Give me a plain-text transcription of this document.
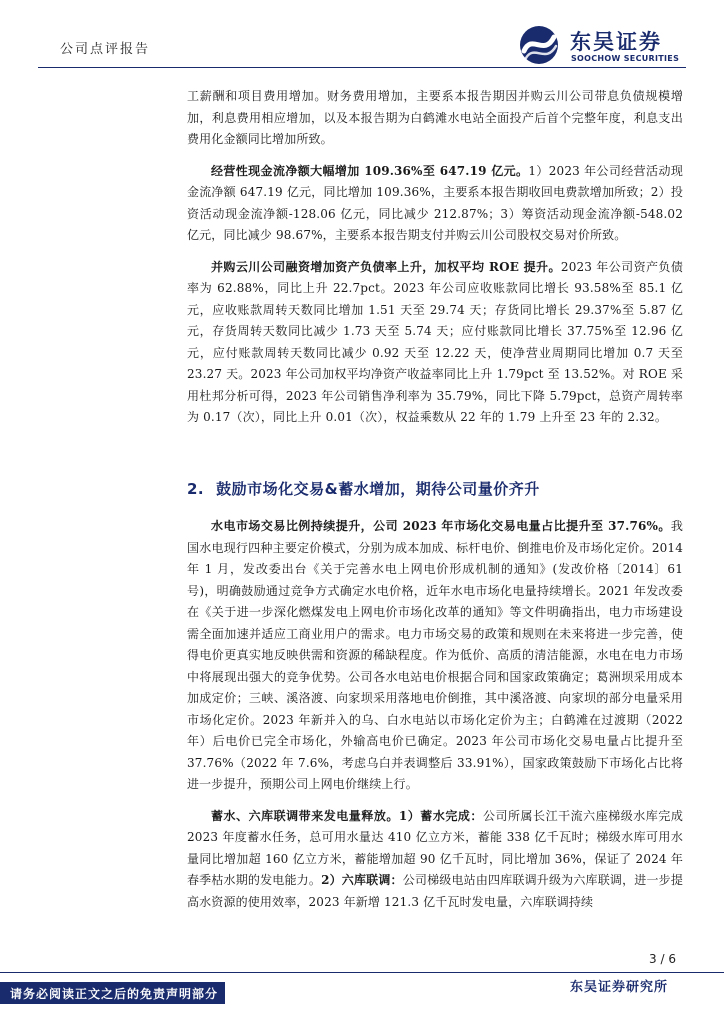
公司点评报告	东吴证券
SOOCHOW SECURITIES

工薪酬和项目费用增加。财务费用增加，主要系本报告期因并购云川公司带息负债规模增加，利息费用相应增加，以及本报告期为白鹤滩水电站全面投产后首个完整年度，利息支出费用化金额同比增加所致。

经营性现金流净额大幅增加 109.36%至 647.19 亿元。1）2023 年公司经营活动现金流净额 647.19 亿元，同比增加 109.36%，主要系本报告期收回电费款增加所致；2）投资活动现金流净额-128.06 亿元，同比减少 212.87%；3）筹资活动现金流净额-548.02 亿元，同比减少 98.67%，主要系本报告期支付并购云川公司股权交易对价所致。

并购云川公司融资增加资产负债率上升，加权平均 ROE 提升。2023 年公司资产负债率为 62.88%，同比上升 22.7pct。2023 年公司应收账款同比增长 93.58%至 85.1 亿元，应收账款周转天数同比增加 1.51 天至 29.74 天；存货同比增长 29.37%至 5.87 亿元，存货周转天数同比减少 1.73 天至 5.74 天；应付账款同比增长 37.75%至 12.96 亿元，应付账款周转天数同比减少 0.92 天至 12.22 天，使净营业周期同比增加 0.7 天至 23.27 天。2023 年公司加权平均净资产收益率同比上升 1.79pct 至 13.52%。对 ROE 采用杜邦分析可得，2023 年公司销售净利率为 35.79%，同比下降 5.79pct，总资产周转率为 0.17（次），同比上升 0.01（次），权益乘数从 22 年的 1.79 上升至 23 年的 2.32。

2. 鼓励市场化交易&蓄水增加，期待公司量价齐升

水电市场交易比例持续提升，公司 2023 年市场化交易电量占比提升至 37.76%。我国水电现行四种主要定价模式，分别为成本加成、标杆电价、倒推电价及市场化定价。2014 年 1 月，发改委出台《关于完善水电上网电价形成机制的通知》(发改价格〔2014〕61 号)，明确鼓励通过竞争方式确定水电价格，近年水电市场化电量持续增长。2021 年发改委在《关于进一步深化燃煤发电上网电价市场化改革的通知》等文件明确指出，电力市场建设需全面加速并适应工商业用户的需求。电力市场交易的政策和规则在未来将进一步完善，使得电价更真实地反映供需和资源的稀缺程度。作为低价、高质的清洁能源，水电在电力市场中将展现出强大的竞争优势。公司各水电站电价根据合同和国家政策确定；葛洲坝采用成本加成定价；三峡、溪洛渡、向家坝采用落地电价倒推，其中溪洛渡、向家坝的部分电量采用市场化定价。2023 年新并入的乌、白水电站以市场化定价为主；白鹤滩在过渡期（2022 年）后电价已完全市场化，外输高电价已确定。2023 年公司市场化交易电量占比提升至 37.76%（2022 年 7.6%，考虑乌白并表调整后 33.91%），国家政策鼓励下市场化占比将进一步提升，预期公司上网电价继续上行。

蓄水、六库联调带来发电量释放。1）蓄水完成：公司所属长江干流六座梯级水库完成 2023 年度蓄水任务，总可用水量达 410 亿立方米，蓄能 338 亿千瓦时；梯级水库可用水量同比增加超 160 亿立方米，蓄能增加超 90 亿千瓦时，同比增加 36%，保证了 2024 年春季枯水期的发电能力。2）六库联调：公司梯级电站由四库联调升级为六库联调，进一步提高水资源的使用效率，2023 年新增 121.3 亿千瓦时发电量，六库联调持续

3 / 6
请务必阅读正文之后的免责声明部分	东吴证券研究所
